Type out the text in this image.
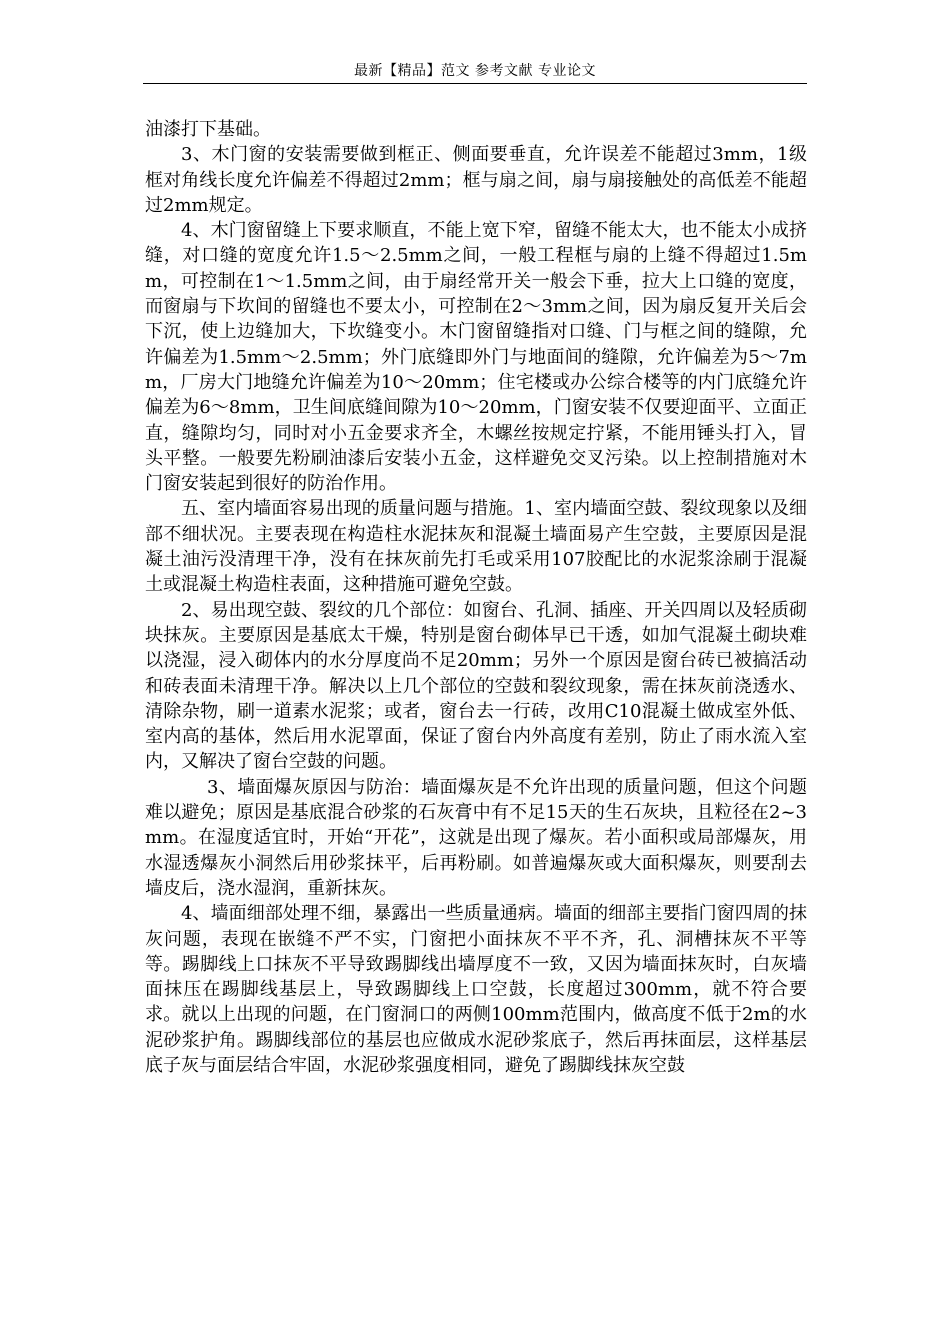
最新【精品】范文 参考文献 专业论文

油漆打下基础。

3、木门窗的安装需要做到框正、侧面要垂直，允许误差不能超过3mm，1级框对角线长度允许偏差不得超过2mm；框与扇之间，扇与扇接触处的高低差不能超过2mm规定。

4、木门窗留缝上下要求顺直，不能上宽下窄，留缝不能太大，也不能太小成挤缝，对口缝的宽度允许1.5～2.5mm之间，一般工程框与扇的上缝不得超过1.5mm，可控制在1～1.5mm之间，由于扇经常开关一般会下垂，拉大上口缝的宽度，而窗扇与下坎间的留缝也不要太小，可控制在2～3mm之间，因为扇反复开关后会下沉，使上边缝加大，下坎缝变小。木门窗留缝指对口缝、门与框之间的缝隙，允许偏差为1.5mm～2.5mm；外门底缝即外门与地面间的缝隙，允许偏差为5～7mm，厂房大门地缝允许偏差为10～20mm；住宅楼或办公综合楼等的内门底缝允许偏差为6～8mm，卫生间底缝间隙为10～20mm，门窗安装不仅要迎面平、立面正直，缝隙均匀，同时对小五金要求齐全，木螺丝按规定拧紧，不能用锤头打入，冒头平整。一般要先粉刷油漆后安装小五金，这样避免交叉污染。以上控制措施对木门窗安装起到很好的防治作用。

五、室内墙面容易出现的质量问题与措施。1、室内墙面空鼓、裂纹现象以及细部不细状况。主要表现在构造柱水泥抹灰和混凝土墙面易产生空鼓，主要原因是混凝土油污没清理干净，没有在抹灰前先打毛或采用107胶配比的水泥浆涂刷于混凝土或混凝土构造柱表面，这种措施可避免空鼓。

2、易出现空鼓、裂纹的几个部位：如窗台、孔洞、插座、开关四周以及轻质砌块抹灰。主要原因是基底太干燥，特别是窗台砌体早已干透，如加气混凝土砌块难以浇湿，浸入砌体内的水分厚度尚不足20mm；另外一个原因是窗台砖已被搞活动和砖表面未清理干净。解决以上几个部位的空鼓和裂纹现象，需在抹灰前浇透水、清除杂物，刷一道素水泥浆；或者，窗台去一行砖，改用C10混凝土做成室外低、室内高的基体，然后用水泥罩面，保证了窗台内外高度有差别，防止了雨水流入室内，又解决了窗台空鼓的问题。

3、墙面爆灰原因与防治：墙面爆灰是不允许出现的质量问题，但这个问题难以避免；原因是基底混合砂浆的石灰膏中有不足15天的生石灰块，且粒径在2~3mm。在湿度适宜时，开始“开花”，这就是出现了爆灰。若小面积或局部爆灰，用水湿透爆灰小洞然后用砂浆抹平，后再粉刷。如普遍爆灰或大面积爆灰，则要刮去墙皮后，浇水湿润，重新抹灰。

4、墙面细部处理不细，暴露出一些质量通病。墙面的细部主要指门窗四周的抹灰问题，表现在嵌缝不严不实，门窗把小面抹灰不平不齐，孔、洞槽抹灰不平等等。踢脚线上口抹灰不平导致踢脚线出墙厚度不一致，又因为墙面抹灰时，白灰墙面抹压在踢脚线基层上，导致踢脚线上口空鼓，长度超过300mm，就不符合要求。就以上出现的问题，在门窗洞口的两侧100mm范围内，做高度不低于2m的水泥砂浆护角。踢脚线部位的基层也应做成水泥砂浆底子，然后再抹面层，这样基层底子灰与面层结合牢固，水泥砂浆强度相同，避免了踢脚线抹灰空鼓
